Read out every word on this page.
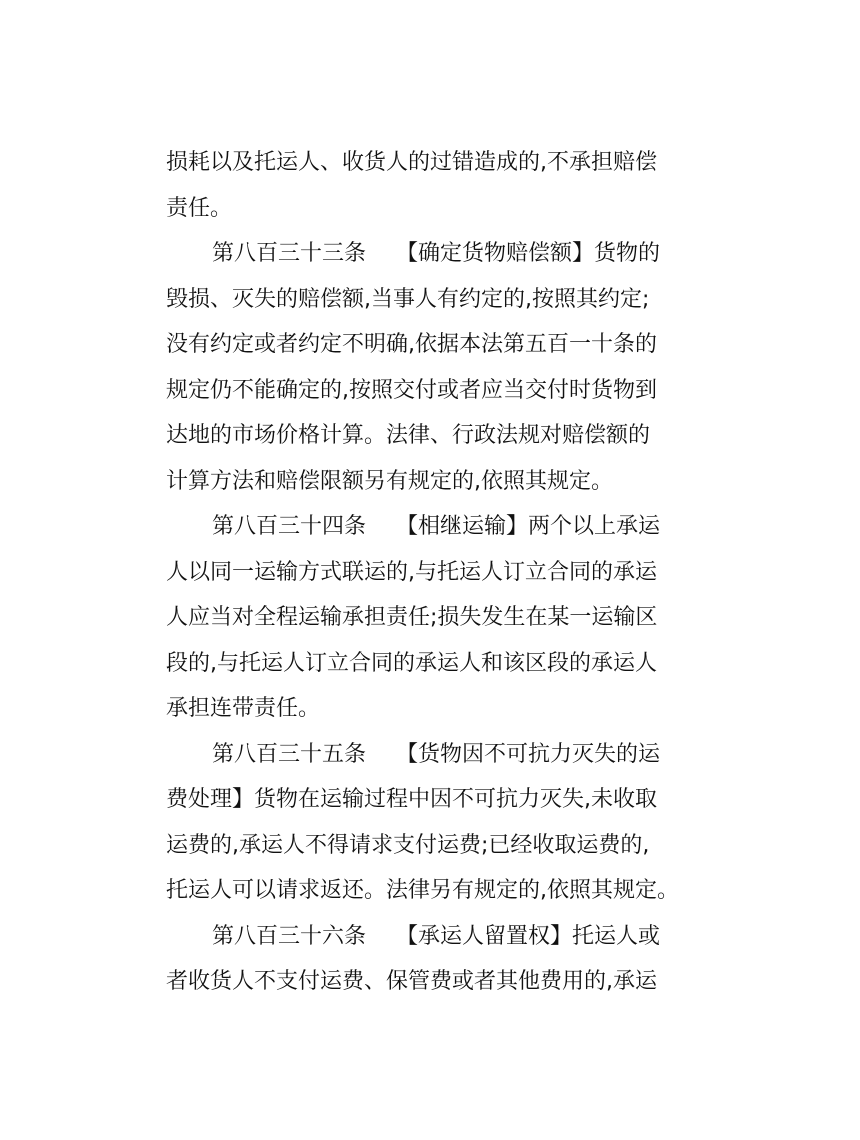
损耗以及托运人、收货人的过错造成的,不承担赔偿
责任。
第八百三十三条 【确定货物赔偿额】货物的
毁损、灭失的赔偿额,当事人有约定的,按照其约定;
没有约定或者约定不明确,依据本法第五百一十条的
规定仍不能确定的,按照交付或者应当交付时货物到
达地的市场价格计算。法律、行政法规对赔偿额的
计算方法和赔偿限额另有规定的,依照其规定。
第八百三十四条 【相继运输】两个以上承运
人以同一运输方式联运的,与托运人订立合同的承运
人应当对全程运输承担责任;损失发生在某一运输区
段的,与托运人订立合同的承运人和该区段的承运人
承担连带责任。
第八百三十五条 【货物因不可抗力灭失的运
费处理】货物在运输过程中因不可抗力灭失,未收取
运费的,承运人不得请求支付运费;已经收取运费的,
托运人可以请求返还。法律另有规定的,依照其规定。
第八百三十六条 【承运人留置权】托运人或
者收货人不支付运费、保管费或者其他费用的,承运
